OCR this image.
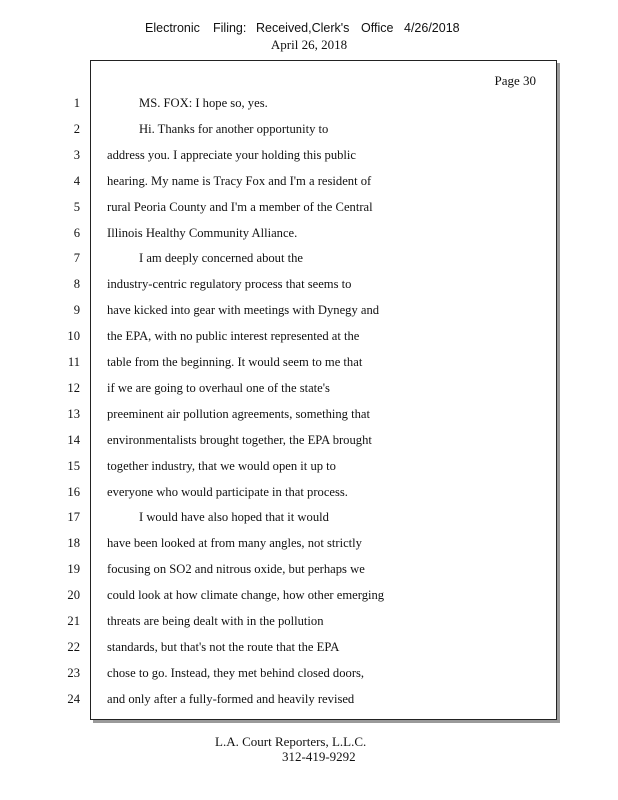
Electronic Filing: Received,Clerk's Office 4/26/2018
April 26, 2018
Page 30
1	MS. FOX: I hope so, yes.
2	Hi. Thanks for another opportunity to
3 address you. I appreciate your holding this public
4 hearing. My name is Tracy Fox and I'm a resident of
5 rural Peoria County and I'm a member of the Central
6 Illinois Healthy Community Alliance.
7	I am deeply concerned about the
8 industry-centric regulatory process that seems to
9 have kicked into gear with meetings with Dynegy and
10 the EPA, with no public interest represented at the
11 table from the beginning. It would seem to me that
12 if we are going to overhaul one of the state's
13 preeminent air pollution agreements, something that
14 environmentalists brought together, the EPA brought
15 together industry, that we would open it up to
16 everyone who would participate in that process.
17	I would have also hoped that it would
18 have been looked at from many angles, not strictly
19 focusing on SO2 and nitrous oxide, but perhaps we
20 could look at how climate change, how other emerging
21 threats are being dealt with in the pollution
22 standards, but that's not the route that the EPA
23 chose to go. Instead, they met behind closed doors,
24 and only after a fully-formed and heavily revised
L.A. Court Reporters, L.L.C.
312-419-9292
